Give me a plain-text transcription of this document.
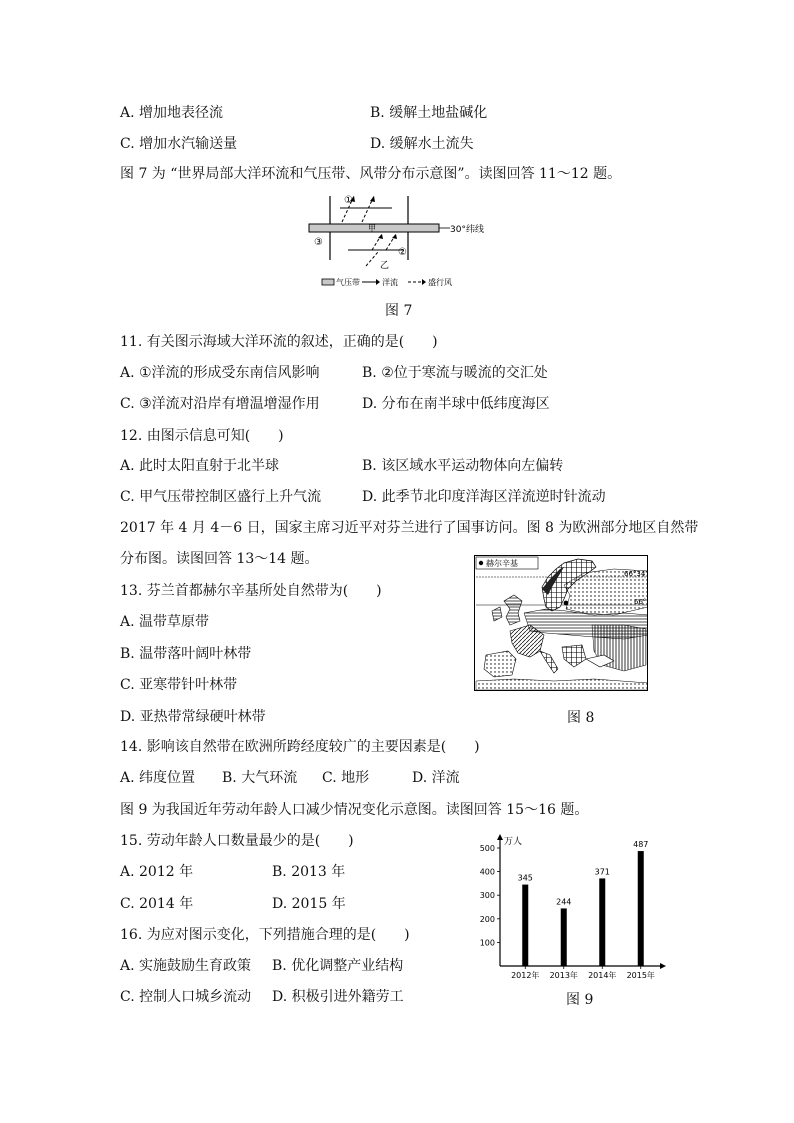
A. 增加地表径流	B. 缓解土地盐碱化
C. 增加水汽输送量	D. 缓解水土流失
图 7 为 “世界局部大洋环流和气压带、风带分布示意图”。读图回答 11～12 题。
30°纬线
①
③
②
甲
乙
气压带	洋流	盛行风
图 7
11. 有关图示海域大洋环流的叙述，正确的是(　　)
A. ①洋流的形成受东南信风影响	B. ②位于寒流与暖流的交汇处
C. ③洋流对沿岸有增温增湿作用	D. 分布在南半球中低纬度海区
12. 由图示信息可知(　　)
A. 此时太阳直射于北半球	B. 该区域水平运动物体向左偏转
C. 甲气压带控制区盛行上升气流	D. 此季节北印度洋海区洋流逆时针流动
2017 年 4 月 4－6 日，国家主席习近平对芬兰进行了国事访问。图 8 为欧洲部分地区自然带
分布图。读图回答 13～14 题。
13. 芬兰首都赫尔辛基所处自然带为(　　)
A. 温带草原带
B. 温带落叶阔叶林带
C. 亚寒带针叶林带
D. 亚热带常绿硬叶林带
赫尔辛基
图 8
14. 影响该自然带在欧洲所跨经度较广的主要因素是(　　)
A. 纬度位置 B. 大气环流 C. 地形	D. 洋流
图 9 为我国近年劳动年龄人口减少情况变化示意图。读图回答 15～16 题。
15. 劳动年龄人口数量最少的是(　　)
A. 2012 年	B. 2013 年
C. 2014 年	D. 2015 年
16. 为应对图示变化，下列措施合理的是(　　)
A. 实施鼓励生育政策 B. 优化调整产业结构
C. 控制人口城乡流动 D. 积极引进外籍劳工
万人
100
200
300
400
500
345
2012年
244
2013年
371
2014年
487
2015年
图 9
